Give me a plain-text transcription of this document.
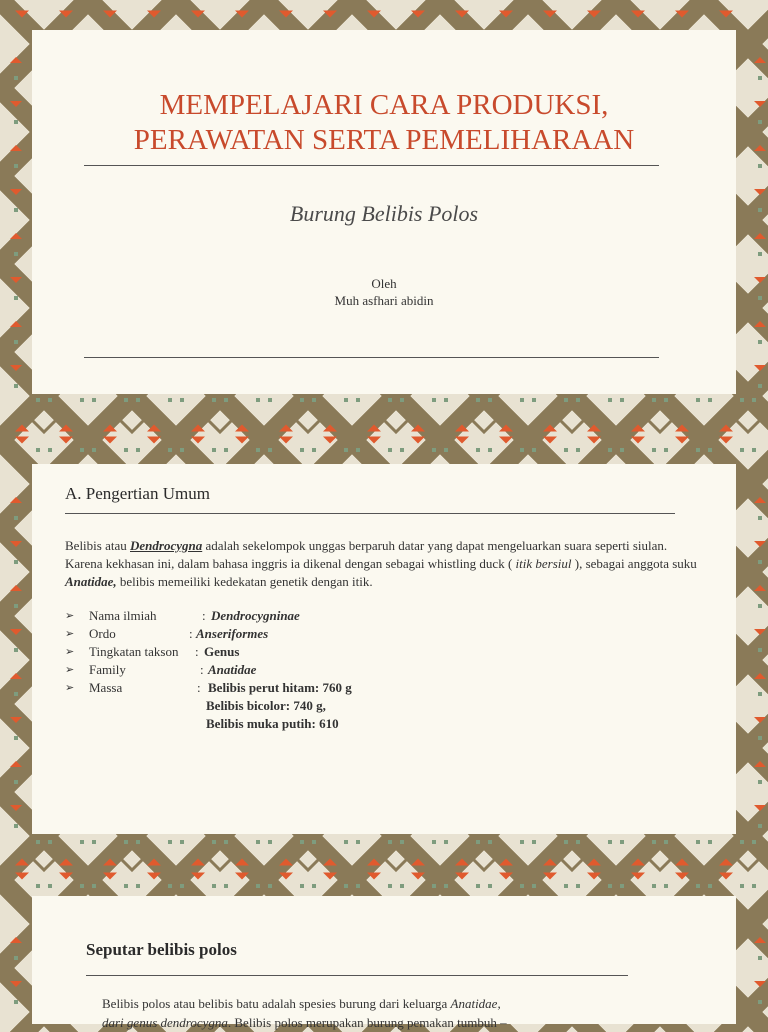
MEMPELAJARI CARA PRODUKSI,
PERAWATAN SERTA PEMELIHARAAN
Burung Belibis Polos
Oleh
Muh asfhari abidin
A. Pengertian Umum
Belibis atau Dendrocygna adalah sekelompok unggas berparuh datar yang dapat mengeluarkan suara seperti siulan. Karena kekhasan ini, dalam bahasa inggris ia dikenal dengan sebagai whistling duck ( itik bersiul ), sebagai anggota suku Anatidae, belibis memeiliki kedekatan genetik dengan itik.
➢ Nama ilmiah	: Dendrocygninae
➢ Ordo	: Anseriformes
➢ Tingkatan takson : Genus
➢ Family	: Anatidae
➢ Massa	: Belibis perut hitam: 760 g
Belibis bicolor: 740 g,
Belibis muka putih: 610
Seputar belibis polos
Belibis polos atau belibis batu adalah spesies burung dari keluarga Anatidae,
dari genus dendrocygna. Belibis polos merupakan burung pemakan tumbuh –
